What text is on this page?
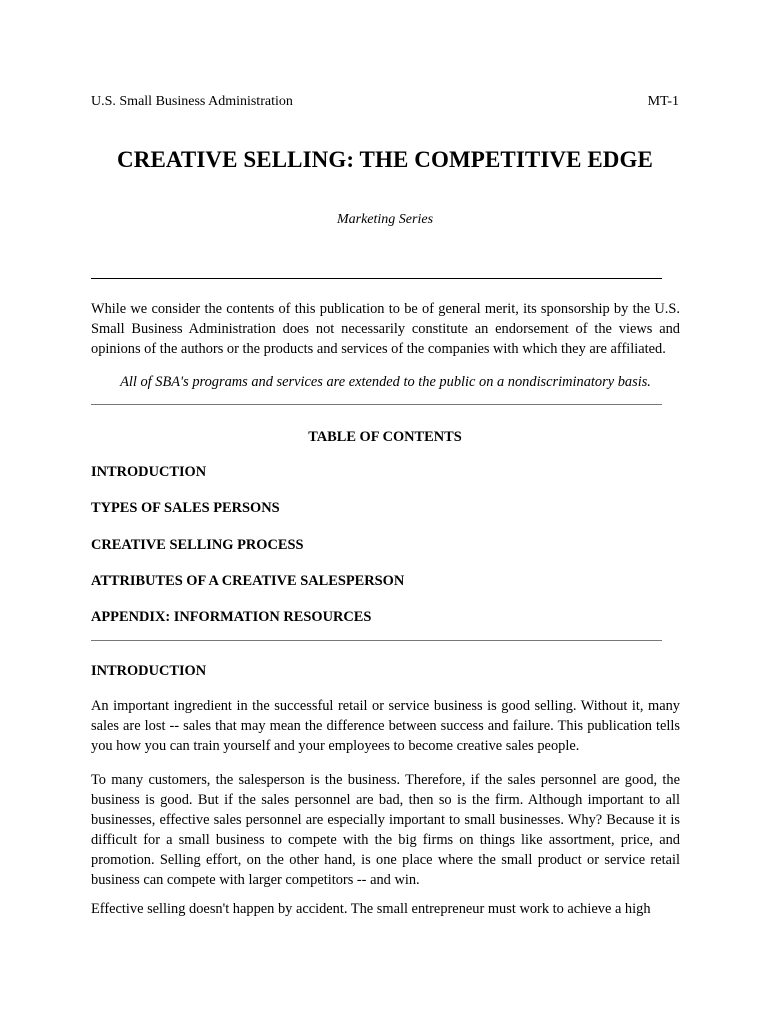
U.S. Small Business Administration	MT-1
CREATIVE SELLING: THE COMPETITIVE EDGE
Marketing Series

While we consider the contents of this publication to be of general merit, its sponsorship by the U.S. Small Business Administration does not necessarily constitute an endorsement of the views and opinions of the authors or the products and services of the companies with which they are affiliated.

All of SBA's programs and services are extended to the public on a nondiscriminatory basis.
TABLE OF CONTENTS
INTRODUCTION
TYPES OF SALES PERSONS
CREATIVE SELLING PROCESS
ATTRIBUTES OF A CREATIVE SALESPERSON
APPENDIX: INFORMATION RESOURCES
INTRODUCTION

An important ingredient in the successful retail or service business is good selling. Without it, many sales are lost -- sales that may mean the difference between success and failure. This publication tells you how you can train yourself and your employees to become creative sales people.

To many customers, the salesperson is the business. Therefore, if the sales personnel are good, the business is good. But if the sales personnel are bad, then so is the firm. Although important to all businesses, effective sales personnel are especially important to small businesses. Why? Because it is difficult for a small business to compete with the big firms on things like assortment, price, and promotion. Selling effort, on the other hand, is one place where the small product or service retail business can compete with larger competitors -- and win.

Effective selling doesn't happen by accident. The small entrepreneur must work to achieve a high
